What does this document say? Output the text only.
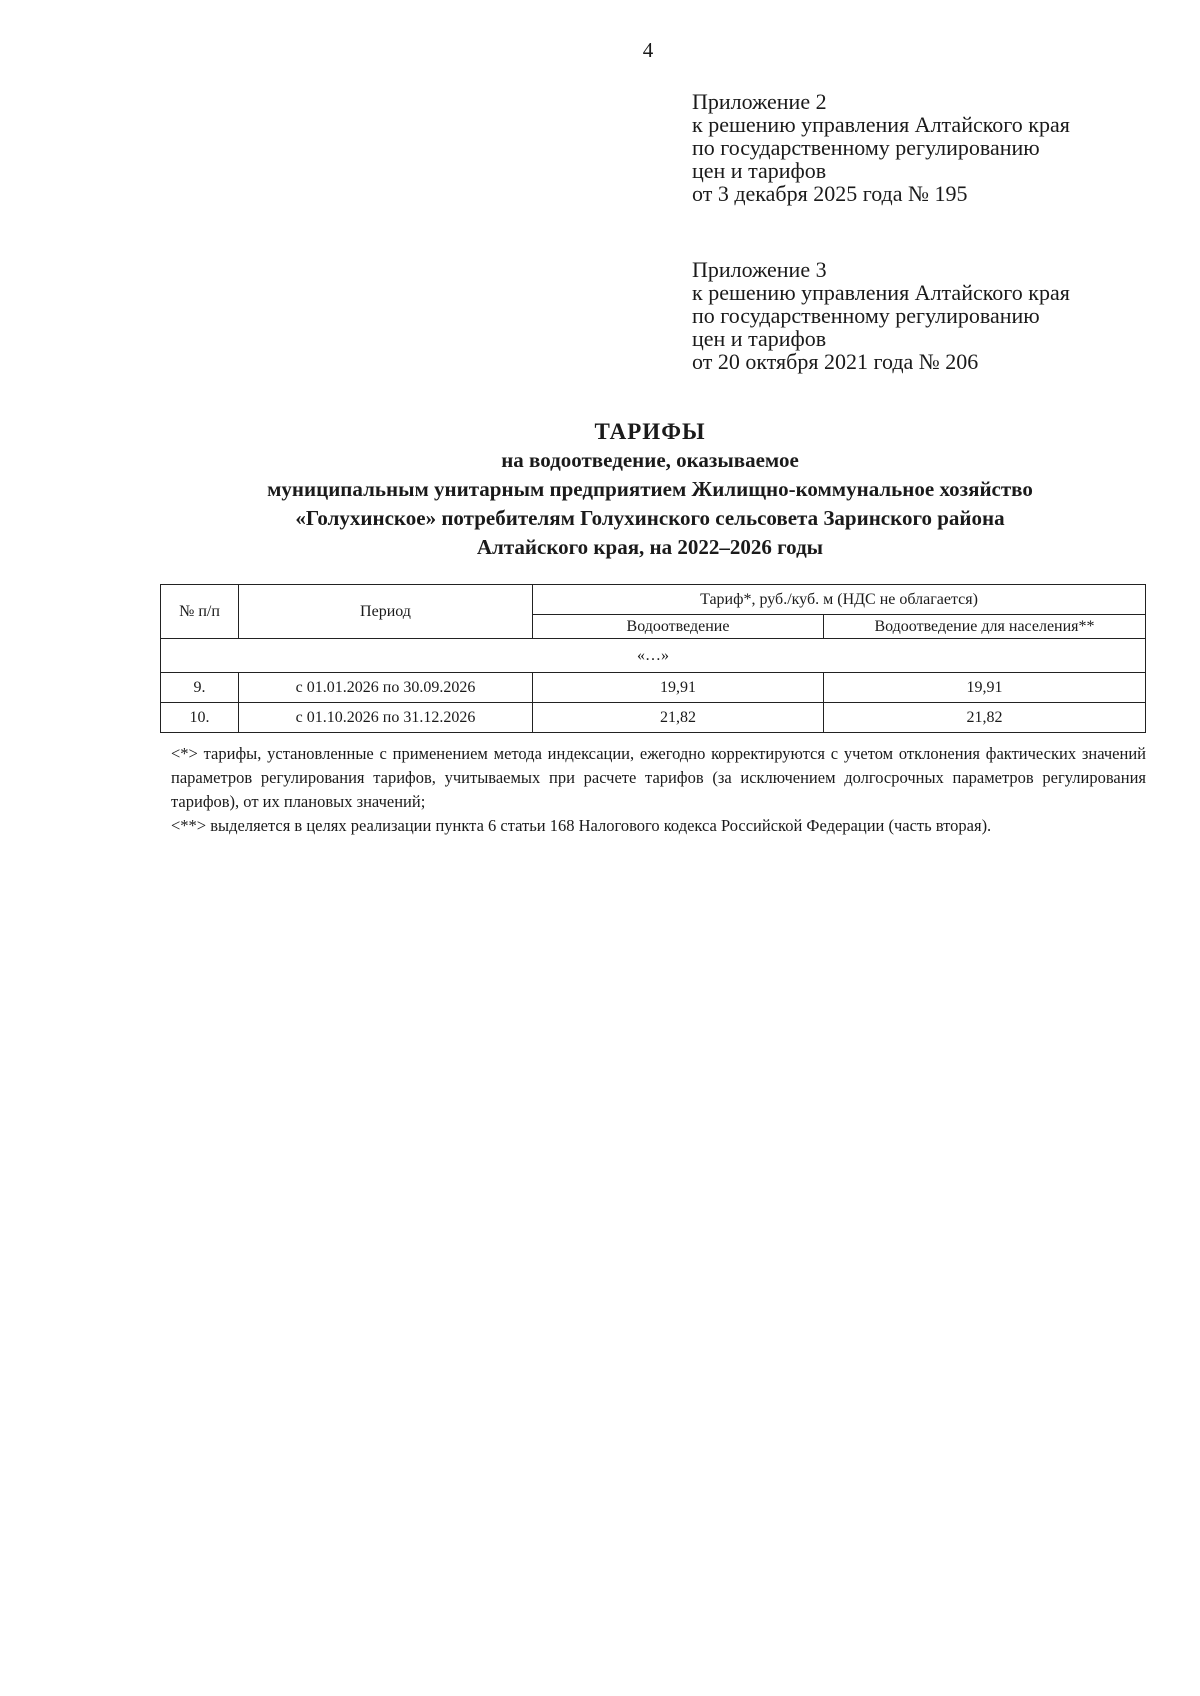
4
Приложение 2
к решению управления Алтайского края
по государственному регулированию
цен и тарифов
от 3 декабря 2025 года № 195
Приложение 3
к решению управления Алтайского края
по государственному регулированию
цен и тарифов
от 20 октября 2021 года № 206
ТАРИФЫ
на водоотведение, оказываемое
муниципальным унитарным предприятием Жилищно-коммунальное хозяйство
«Голухинское» потребителям Голухинского сельсовета Заринского района
Алтайского края, на 2022–2026 годы
№ п/п	Период	Тариф*, руб./куб. м (НДС не облагается)	
		Водоотведение	Водоотведение для населения**
«…»			
9.	с 01.01.2026 по 30.09.2026	19,91	19,91
10.	с 01.10.2026 по 31.12.2026	21,82	21,82

<*> тарифы, установленные с применением метода индексации, ежегодно корректируются с учетом отклонения фактических значений параметров регулирования тарифов, учитываемых при расчете тарифов (за исключением долгосрочных параметров регулирования тарифов), от их плановых значений;

<**> выделяется в целях реализации пункта 6 статьи 168 Налогового кодекса Российской Федерации (часть вторая).
